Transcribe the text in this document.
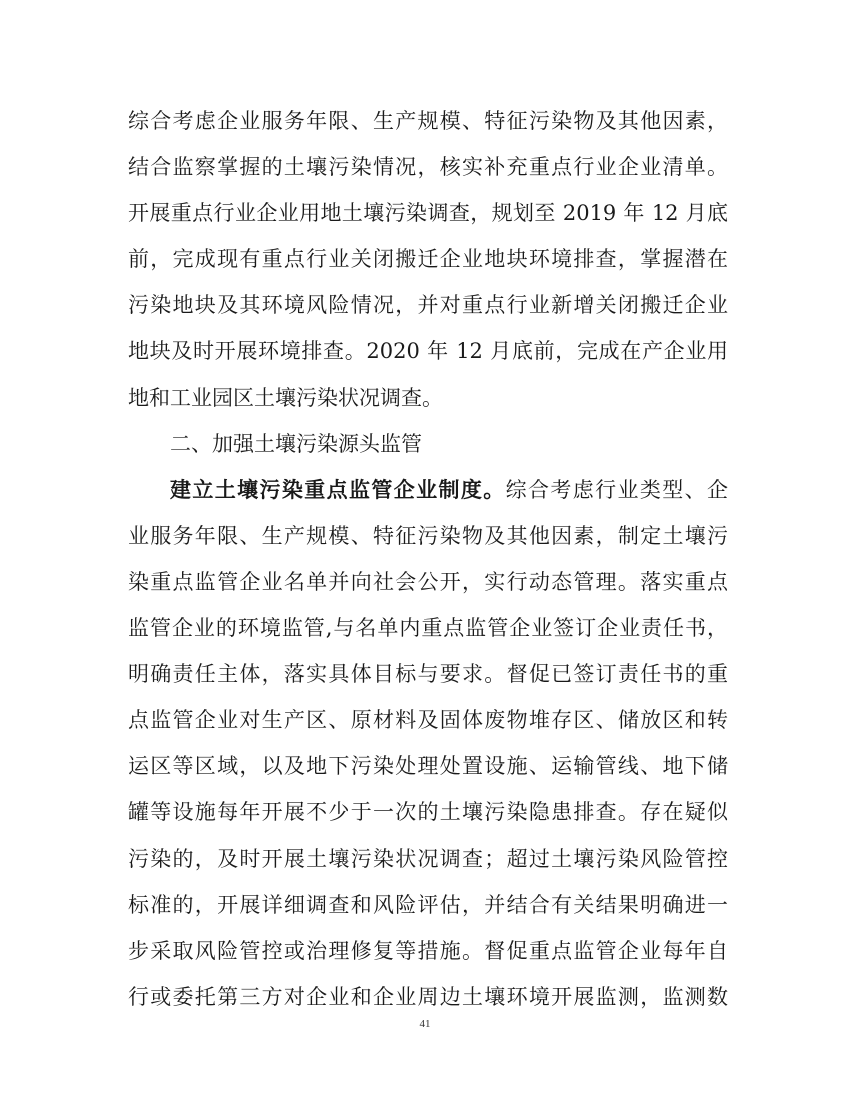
综合考虑企业服务年限、生产规模、特征污染物及其他因素，
结合监察掌握的土壤污染情况，核实补充重点行业企业清单。
开展重点行业企业用地土壤污染调查，规划至 2019 年 12 月底
前，完成现有重点行业关闭搬迁企业地块环境排查，掌握潜在
污染地块及其环境风险情况，并对重点行业新增关闭搬迁企业
地块及时开展环境排查。2020 年 12 月底前，完成在产企业用
地和工业园区土壤污染状况调查。
二、加强土壤污染源头监管
建立土壤污染重点监管企业制度。综合考虑行业类型、企
业服务年限、生产规模、特征污染物及其他因素，制定土壤污
染重点监管企业名单并向社会公开，实行动态管理。落实重点
监管企业的环境监管,与名单内重点监管企业签订企业责任书，
明确责任主体，落实具体目标与要求。督促已签订责任书的重
点监管企业对生产区、原材料及固体废物堆存区、储放区和转
运区等区域，以及地下污染处理处置设施、运输管线、地下储
罐等设施每年开展不少于一次的土壤污染隐患排查。存在疑似
污染的，及时开展土壤污染状况调查；超过土壤污染风险管控
标准的，开展详细调查和风险评估，并结合有关结果明确进一
步采取风险管控或治理修复等措施。督促重点监管企业每年自
行或委托第三方对企业和企业周边土壤环境开展监测，监测数
41
